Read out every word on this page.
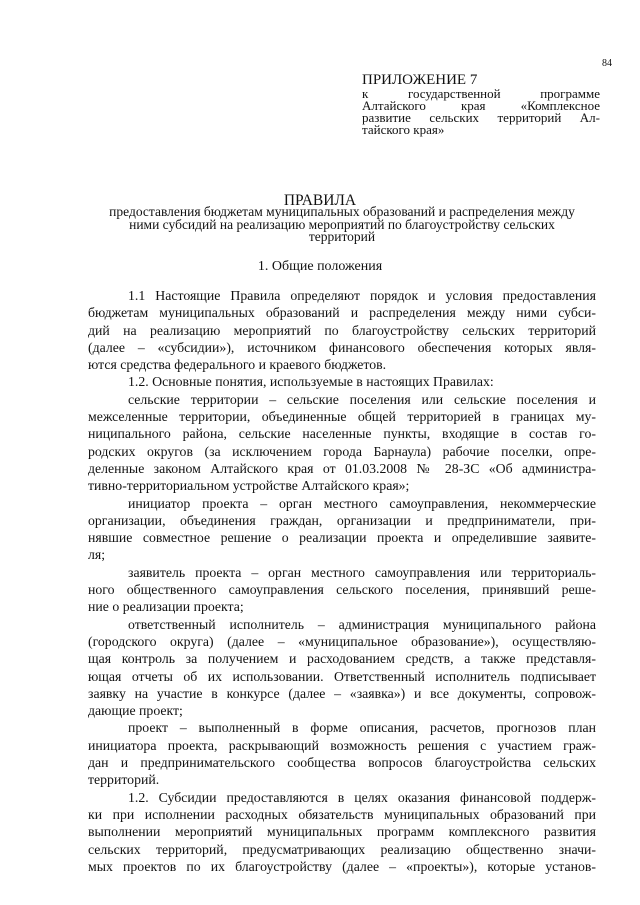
84
ПРИЛОЖЕНИЕ 7
к государственной программе
Алтайского края «Комплексное
развитие сельских территорий Ал-
тайского края»
ПРАВИЛА
предоставления бюджетам муниципальных образований и распределения между
ними субсидий на реализацию мероприятий по благоустройству сельских
территорий
1. Общие положения
1.1 Настоящие Правила определяют порядок и условия предоставления
бюджетам муниципальных образований и распределения между ними субси-
дий на реализацию мероприятий по благоустройству сельских территорий
(далее – «субсидии»), источником финансового обеспечения которых явля-
ются средства федерального и краевого бюджетов.
1.2. Основные понятия, используемые в настоящих Правилах:
сельские территории – сельские поселения или сельские поселения и
межселенные территории, объединенные общей территорией в границах му-
ниципального района, сельские населенные пункты, входящие в состав го-
родских округов (за исключением города Барнаула) рабочие поселки, опре-
деленные законом Алтайского края от 01.03.2008 № 28-ЗС «Об администра-
тивно-территориальном устройстве Алтайского края»;
инициатор проекта – орган местного самоуправления, некоммерческие
организации, объединения граждан, организации и предприниматели, при-
нявшие совместное решение о реализации проекта и определившие заявите-
ля;
заявитель проекта – орган местного самоуправления или территориаль-
ного общественного самоуправления сельского поселения, принявший реше-
ние о реализации проекта;
ответственный исполнитель – администрация муниципального района
(городского округа) (далее – «муниципальное образование»), осуществляю-
щая контроль за получением и расходованием средств, а также представля-
ющая отчеты об их использовании. Ответственный исполнитель подписывает
заявку на участие в конкурсе (далее – «заявка») и все документы, сопровож-
дающие проект;
проект – выполненный в форме описания, расчетов, прогнозов план
инициатора проекта, раскрывающий возможность решения с участием граж-
дан и предпринимательского сообщества вопросов благоустройства сельских
территорий.
1.2. Субсидии предоставляются в целях оказания финансовой поддерж-
ки при исполнении расходных обязательств муниципальных образований при
выполнении мероприятий муниципальных программ комплексного развития
сельских территорий, предусматривающих реализацию общественно значи-
мых проектов по их благоустройству (далее – «проекты»), которые установ-
